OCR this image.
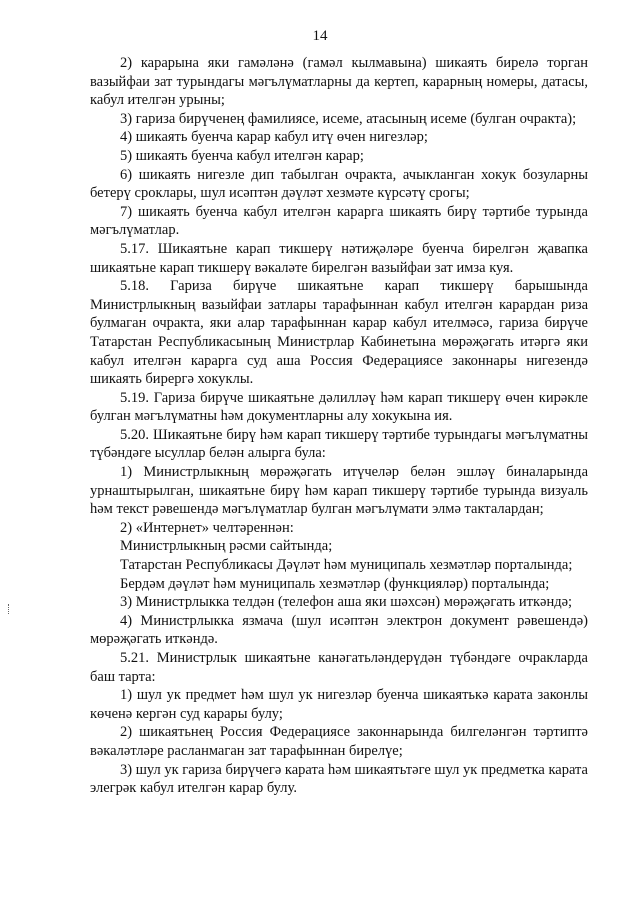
14

2) карарына яки гамәләнә (гамәл кылмавына) шикаять бирелә торган вазыйфаи зат турындагы мәгълүматларны да кертеп, карарның номеры, датасы, кабул ителгән урыны;

3) гариза бирүченең фамилиясе, исеме, атасының исеме (булган очракта);

4) шикаять буенча карар кабул итү өчен нигезләр;

5) шикаять буенча кабул ителгән карар;

6) шикаять нигезле дип табылган очракта, ачыкланган хокук бозуларны бетерү сроклары, шул исәптән дәүләт хезмәте күрсәтү срогы;

7) шикаять буенча кабул ителгән карарга шикаять бирү тәртибе турында мәгълүматлар.

5.17. Шикаятьне карап тикшерү нәтиҗәләре буенча бирелгән җавапка шикаятьне карап тикшерү вәкаләте бирелгән вазыйфаи зат имза куя.

5.18. Гариза бирүче шикаятьне карап тикшерү барышында Министрлыкның вазыйфаи затлары тарафыннан кабул ителгән карардан риза булмаган очракта, яки алар тарафыннан карар кабул ителмәсә, гариза бирүче Татарстан Республикасының Министрлар Кабинетына мөрәҗәгать итәргә яки кабул ителгән карарга суд аша Россия Федерациясе законнары нигезендә шикаять бирергә хокуклы.

5.19. Гариза бирүче шикаятьне дәлилләү һәм карап тикшерү өчен кирәкле булган мәгълүматны һәм документларны алу хокукына ия.

5.20. Шикаятьне бирү һәм карап тикшерү тәртибе турындагы мәгълүматны түбәндәге ысуллар белән алырга була:

1) Министрлыкның мөрәҗәгать итүчеләр белән эшләү биналарында урнаштырылган, шикаятьне бирү һәм карап тикшерү тәртибе турында визуаль һәм текст рәвешендә мәгълүматлар булган мәгълүмати элмә такталардан;

2) «Интернет» челтәреннән:

Министрлыкның рәсми сайтында;

Татарстан Республикасы Дәүләт һәм муниципаль хезмәтләр порталында;

Бердәм дәүләт һәм муниципаль хезмәтләр (функцияләр) порталында;

3) Министрлыкка телдән (телефон аша яки шәхсән) мөрәҗәгать иткәндә;

4) Министрлыкка язмача (шул исәптән электрон документ рәвешендә) мөрәҗәгать иткәндә.

5.21. Министрлык шикаятьне канәгатьләндерүдән түбәндәге очракларда баш тарта:

1) шул ук предмет һәм шул ук нигезләр буенча шикаятькә карата законлы көченә кергән суд карары булу;

2) шикаятьнең Россия Федерациясе законнарында билгеләнгән тәртиптә вәкаләтләре расланмаган зат тарафыннан бирелүе;

3) шул ук гариза бирүчегә карата һәм шикаятьтәге шул ук предметка карата элегрәк кабул ителгән карар булу.
